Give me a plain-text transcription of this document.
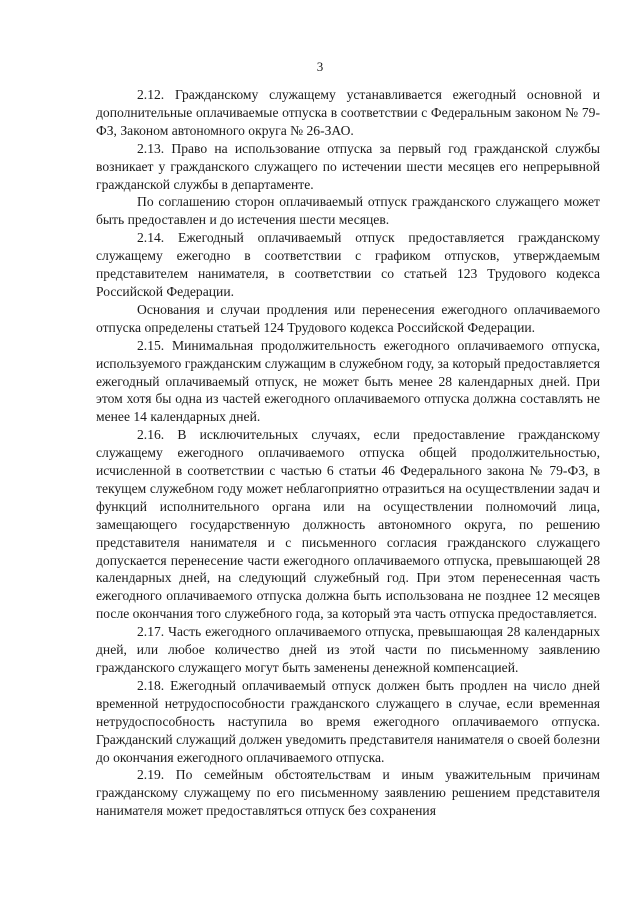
3

2.12. Гражданскому служащему устанавливается ежегодный основной и дополнительные оплачиваемые отпуска в соответствии с Федеральным законом № 79-ФЗ, Законом автономного округа № 26-ЗАО.

2.13. Право на использование отпуска за первый год гражданской службы возникает у гражданского служащего по истечении шести месяцев его непрерывной гражданской службы в департаменте.

По соглашению сторон оплачиваемый отпуск гражданского служащего может быть предоставлен и до истечения шести месяцев.

2.14. Ежегодный оплачиваемый отпуск предоставляется гражданскому служащему ежегодно в соответствии с графиком отпусков, утверждаемым представителем нанимателя, в соответствии со статьей 123 Трудового кодекса Российской Федерации.

Основания и случаи продления или перенесения ежегодного оплачиваемого отпуска определены статьей 124 Трудового кодекса Российской Федерации.

2.15. Минимальная продолжительность ежегодного оплачиваемого отпуска, используемого гражданским служащим в служебном году, за который предоставляется ежегодный оплачиваемый отпуск, не может быть менее 28 календарных дней. При этом хотя бы одна из частей ежегодного оплачиваемого отпуска должна составлять не менее 14 календарных дней.

2.16. В исключительных случаях, если предоставление гражданскому служащему ежегодного оплачиваемого отпуска общей продолжительностью, исчисленной в соответствии с частью 6 статьи 46 Федерального закона № 79-ФЗ, в текущем служебном году может неблагоприятно отразиться на осуществлении задач и функций исполнительного органа или на осуществлении полномочий лица, замещающего государственную должность автономного округа, по решению представителя нанимателя и с письменного согласия гражданского служащего допускается перенесение части ежегодного оплачиваемого отпуска, превышающей 28 календарных дней, на следующий служебный год. При этом перенесенная часть ежегодного оплачиваемого отпуска должна быть использована не позднее 12 месяцев после окончания того служебного года, за который эта часть отпуска предоставляется.

2.17. Часть ежегодного оплачиваемого отпуска, превышающая 28 календарных дней, или любое количество дней из этой части по письменному заявлению гражданского служащего могут быть заменены денежной компенсацией.

2.18. Ежегодный оплачиваемый отпуск должен быть продлен на число дней временной нетрудоспособности гражданского служащего в случае, если временная нетрудоспособность наступила во время ежегодного оплачиваемого отпуска. Гражданский служащий должен уведомить представителя нанимателя о своей болезни до окончания ежегодного оплачиваемого отпуска.

2.19. По семейным обстоятельствам и иным уважительным причинам гражданскому служащему по его письменному заявлению решением представителя нанимателя может предоставляться отпуск без сохранения
